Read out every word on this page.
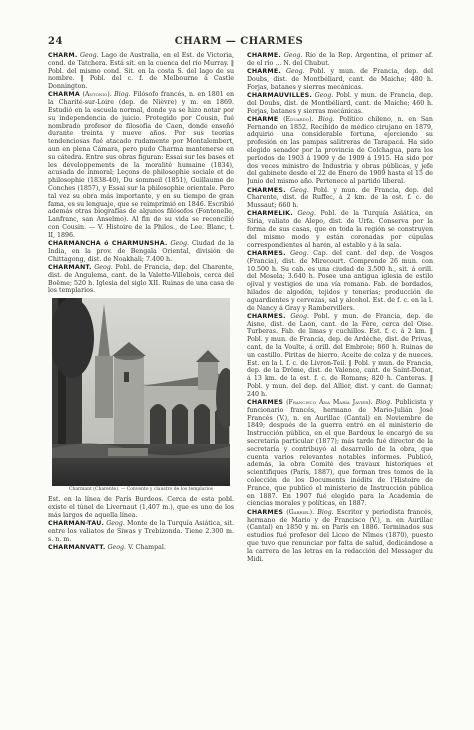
24	CHARM — CHARMES

CHARM. Geog. Lago de Australia, en el Est. de Victoria, cond. de Tatchera. Está sit. en la cuenca del río Murray. ‖ Pobl. del mismo cond. Sit. en la costa S. del lago de su nombre. ‖ Pobl. del c. f. de Melbourne á Castle Donnington.

CHARMA (Antonio). Biog. Filósofo francés, n. en 1801 en la Charité-sur-Loire (dep. de Nièvre) y m. en 1869. Estudió en la escuela normal, donde ya se hizo notar por su independencia de juicio. Protegido por Cousin, fué nombrado profesor de filosofía de Caen, donde enseñó durante treinta y nueve años. Por sus teorías tendenciosas fué atacado rudamente por Montalembert, aun en plena Cámara, pero pudo Charma mantenerse en su cátedra. Entre sus obras figuran: Essai sur les bases et les développements de la moralité humaine (1834), acusada de inmoral; Leçons de philosophie sociale et de philosophie (1838-40), Du sommeil (1851), Guillaume de Conches (1857), y Essai sur la philosophie orientale. Pero tal vez su obra más importante, y en su tiempo de gran fama, es su lenguaje, que se reimprimió en 1846. Escribió además otras biografías de algunos filósofos (Fontenelle, Lanfranc, san Anselmo). Al fin de su vida se reconcilió con Cousin. — V. Histoire de la Philos., de Lee. Blanc, t. II, 1896.

CHARMANCHA ó CHARMUNSHA. Geog. Ciudad de la India, en la prov. de Bengala Oriental, división de Chittagong, dist. de Noakhali; 7.400 h.

CHARMANT. Geog. Pobl. de Francia, dep. del Charente, dist. de Angulema, cant. de la Valette-Villebois, cerca del Boëme; 520 h. Iglesia del siglo XII. Ruinas de una casa de los templarios.

Charmant (Charente). — Convento y claustro de los templarios

Est. en la línea de París Burdeos. Cerca de esta pobl. existe el túnel de Livernaut (1,407 m.), que es uno de los más largos de aquella línea.

CHARMAN-TAU. Geog. Monte de la Turquía Asiática, sit. entre los valiatos de Siwas y Trebizonda. Tiene 2.300 m. s. n. m.

CHARMANVATT. Geog. V. Champal.

CHARME. Geog. Río de la Rep. Argentina, el primer af. de el río ... N. del Chubut.

CHARME. Geog. Pobl. y mun. de Francia, dep. del Doubs, dist. de Montbéliard, cant. de Maiche; 480 h. Forjas, batanes y sierras mecánicas.

CHARMAUVILLES. Geog. Pobl. y mun. de Francia, dep. del Doubs, dist. de Montbéliard, cant. de Maiche; 460 h. Forjas, batanes y sierras mecánicas.

CHARME (Eduardo). Biog. Político chileno, n. en San Fernando en 1852. Recibido de médico cirujano en 1879, adquirió una considerable fortuna, ejerciendo su profesión en las pampas salitreras de Tarapacá. Ha sido elegido senador por la provincia de Colchagua, para los períodos de 1903 á 1909 y de 1909 á 1915. Ha sido por dos veces ministro de Industria y obras públicas, y jefe del gabinete desde el 22 de Enero de 1909 hasta el 15 de Junio del mismo año. Pertenece al partido liberal.

CHARMES. Geog. Pobl. y mun. de Francia, dep. del Charente, dist. de Ruffec, á 2 km. de la est. f. c. de Mussaut; 660 h.

CHARMELIK. Geog. Pobl. de la Turquía Asiática, en Siria, valiato de Alepo, dist. de Urfa. Conserva por la forma de sus casas, que en toda la región se construyen del mismo modo y están coronadas por cúpulas correspondientes al harén, al establo y á la sala.

CHARMES. Geog. Cap. del cant. del dep. de Vosgos (Francia), dist. de Mirecourt. Comprende 26 mun. con 10.500 h. Su cab. es una ciudad de 3.500 h., sit. á orill. del Mosela; 3.640 h. Posee una antigua iglesia de estilo ojival y vestigios de una vía romana. Fab. de bordados, hilados de algodón, tejidos y tenerías; producción de aguardientes y cervezas, sal y alcohol. Est. de f. c. en la l. de Nancy á Gray y Rambervillers.

CHARMES. Geog. Pobl. y mun. de Francia, dep. de Aisne, dist. de Laon, cant. de la Fère, cerca del Oise. Turberas. Fab. de limas y cuchillos. Est. f. c. á 2 km. ‖ Pobl. y mun. de Francia, dep. de Ardèche, dist. de Privas, cant. de la Voulte, á orill. del Embroie; 860 h. Ruinas de un castillo. Piritas de hierro. Aceite de colza y de nueces. Est. en la l. f. c. de Livron-Teil. ‖ Pobl. y mun. de Francia, dep. de la Drôme, dist. de Valence, cant. de Saint-Donat, á 13 km. de la est. f. c. de Romans; 820 h. Canteras. ‖ Pobl. y mun. del dep. del Allier, dist. y cant. de Gannat; 240 h.

CHARMES (Francisco Ana María Javier). Biog. Publicista y funcionario francés, hermano de Mario-Julián José Francés (V.), n. en Aurillac (Cantal) en Noviembre de 1849; después de la guerra entró en el ministerio de Instrucción pública, en el que Bardoux le encargó de su secretaría particular (1877); más tarde fué director de la secretaría y contribuyó al desarrollo de la obra, que cuenta varios relevantes notables informes. Publicó, además, la obra Comité des travaux historiques et scientifiques (París, 1887), que forman tres tomos de la colección de los Documents inédits de l'Histoire de France, que publicó el ministerio de Instrucción pública en 1887. En 1907 fué elegido para la Academia de ciencias morales y políticas, en 1887.

CHARMES (Gabriel). Biog. Escritor y periodista francés, hermano de Mario y de Francisco (V.), n. en Aurillac (Cantal) en 1850 y m. en París en 1886. Terminados sus estudios fué profesor del Liceo de Nîmes (1870), puesto que tuvo que renunciar por falta de salud, dedicándose a la carrera de las letras en la redacción del Messager du Midi.
